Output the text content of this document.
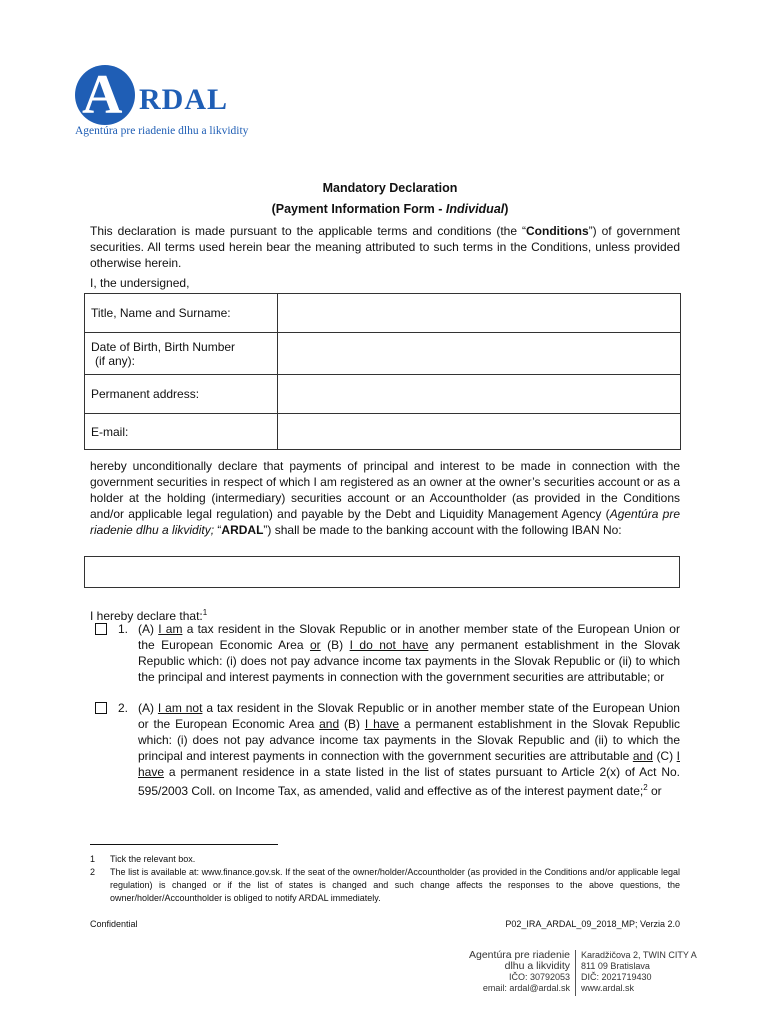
A RDAL
Agentúra pre riadenie dlhu a likvidity
Mandatory Declaration
(Payment Information Form - Individual)
This declaration is made pursuant to the applicable terms and conditions (the “Conditions”) of government securities. All terms used herein bear the meaning attributed to such terms in the Conditions, unless provided otherwise herein.
I, the undersigned,
Title, Name and Surname:	

Date of Birth, Birth Number
(if any):	

Permanent address:	
E-mail:	
hereby unconditionally declare that payments of principal and interest to be made in connection with the government securities in respect of which I am registered as an owner at the owner’s securities account or as a holder at the holding (intermediary) securities account or an Accountholder (as provided in the Conditions and/or applicable legal regulation) and payable by the Debt and Liquidity Management Agency (Agentúra pre riadenie dlhu a likvidity; “ARDAL”) shall be made to the banking account with the following IBAN No:
I hereby declare that:$^1$
1. (A) I am a tax resident in the Slovak Republic or in another member state of the European Union or the European Economic Area or (B) I do not have any permanent establishment in the Slovak Republic which: (i) does not pay advance income tax payments in the Slovak Republic or (ii) to which the principal and interest payments in connection with the government securities are attributable; or
2. (A) I am not a tax resident in the Slovak Republic or in another member state of the European Union or the European Economic Area and (B) I have a permanent establishment in the Slovak Republic which: (i) does not pay advance income tax payments in the Slovak Republic and (ii) to which the principal and interest payments in connection with the government securities are attributable and (C) I have a permanent residence in a state listed in the list of states pursuant to Article 2(x) of Act No. 595/2003 Coll. on Income Tax, as amended, valid and effective as of the interest payment date;$^2$ or
1 Tick the relevant box.
2 The list is available at: www.finance.gov.sk. If the seat of the owner/holder/Accountholder (as provided in the Conditions and/or applicable legal regulation) is changed or if the list of states is changed and such change affects the responses to the above questions, the owner/holder/Accountholder is obliged to notify ARDAL immediately.
Confidential	P02_IRA_ARDAL_09_2018_MP; Verzia 2.0
Agentúra pre riadenie
dlhu a likvidity
IČO: 30792053
email: ardal@ardal.sk
Karadžičova 2, TWIN CITY A
811 09 Bratislava
DIČ: 2021719430
www.ardal.sk
